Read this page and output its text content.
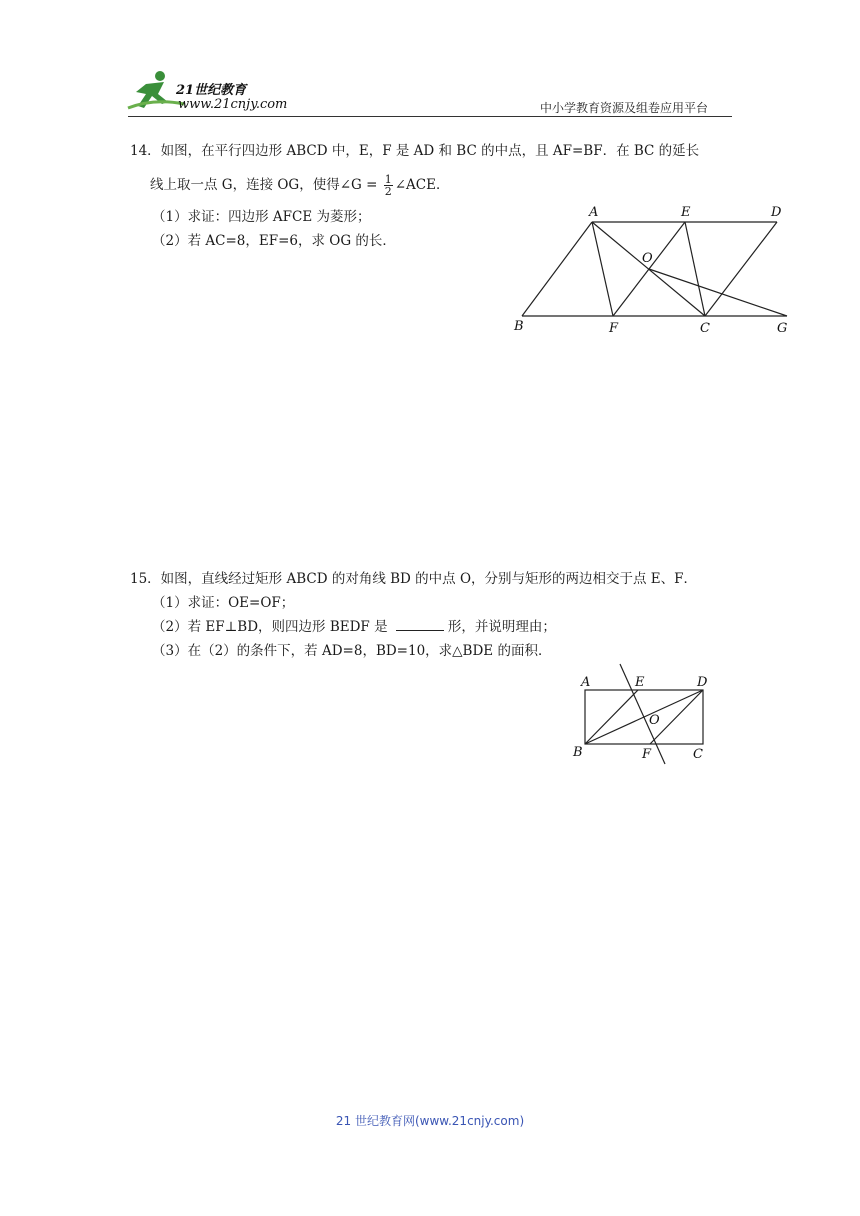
21世纪教育
www.21cnjy.com	中小学教育资源及组卷应用平台
14．如图，在平行四边形 ABCD 中，E，F 是 AD 和 BC 的中点，且 AF=BF．在 BC 的延长
线上取一点 G，连接 OG，使得∠G = $\frac{1}{2}$ ∠ACE．
（1）求证：四边形 AFCE 为菱形；
（2）若 AC=8，EF=6，求 OG 的长．
A	E	D
O
B	F	C	G
15．如图，直线经过矩形 ABCD 的对角线 BD 的中点 O，分别与矩形的两边相交于点 E、F．
（1）求证：OE=OF；
（2）若 EF⊥BD，则四边形 BEDF 是	形，并说明理由；
（3）在（2）的条件下，若 AD=8，BD=10，求△BDE 的面积．
A	E	D
O
B	F	C
21 世纪教育网(www.21cnjy.com)
